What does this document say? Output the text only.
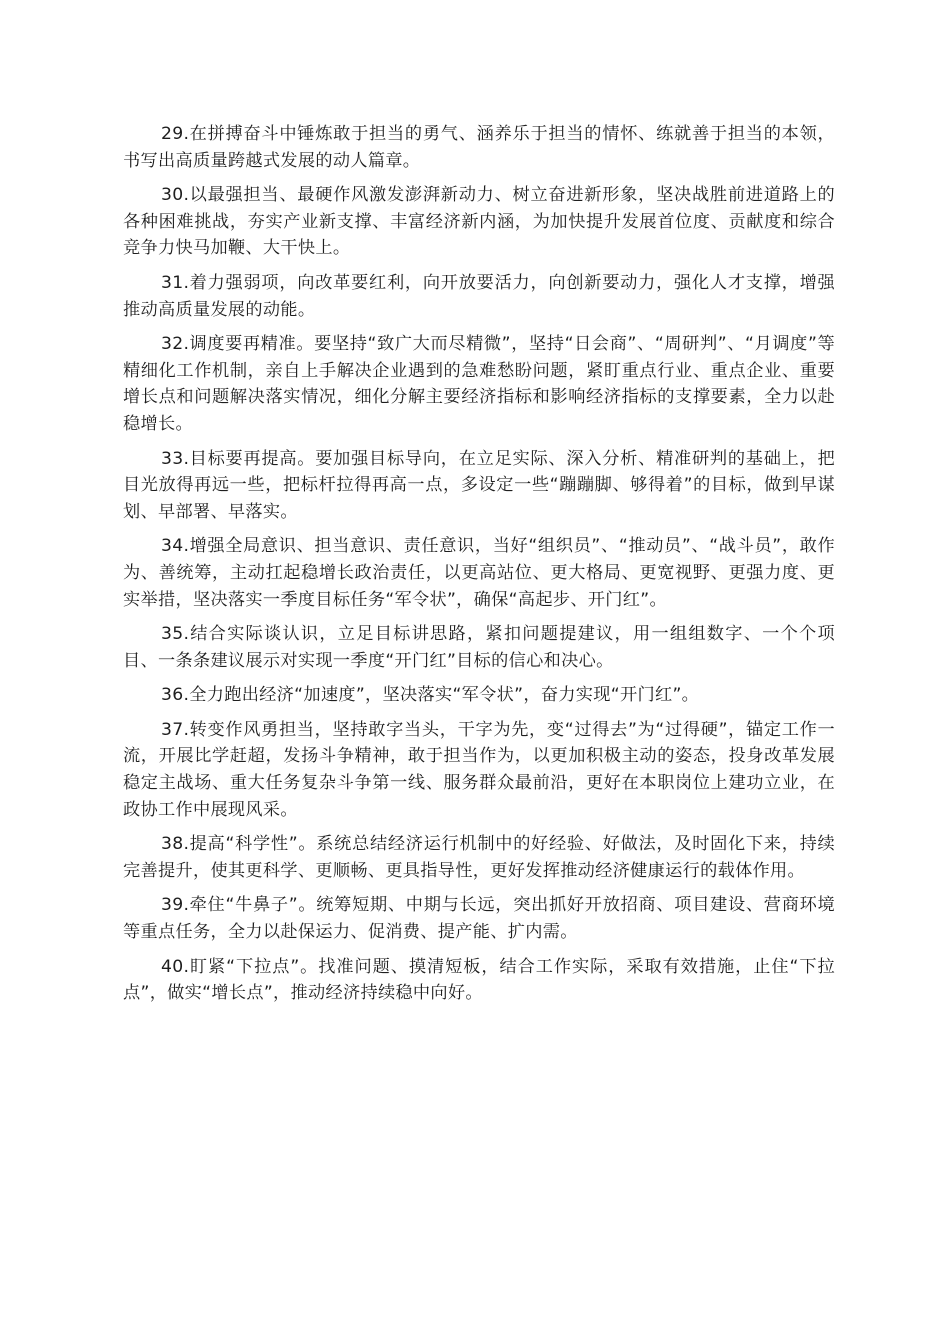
29.在拼搏奋斗中锤炼敢于担当的勇气、涵养乐于担当的情怀、练就善于担当的本领，书写出高质量跨越式发展的动人篇章。

30.以最强担当、最硬作风激发澎湃新动力、树立奋进新形象，坚决战胜前进道路上的各种困难挑战，夯实产业新支撑、丰富经济新内涵，为加快提升发展首位度、贡献度和综合竞争力快马加鞭、大干快上。

31.着力强弱项，向改革要红利，向开放要活力，向创新要动力，强化人才支撑，增强推动高质量发展的动能。

32.调度要再精准。要坚持“致广大而尽精微”，坚持“日会商”、“周研判”、“月调度”等精细化工作机制，亲自上手解决企业遇到的急难愁盼问题，紧盯重点行业、重点企业、重要增长点和问题解决落实情况，细化分解主要经济指标和影响经济指标的支撑要素，全力以赴稳增长。

33.目标要再提高。要加强目标导向，在立足实际、深入分析、精准研判的基础上，把目光放得再远一些，把标杆拉得再高一点，多设定一些“蹦蹦脚、够得着”的目标，做到早谋划、早部署、早落实。

34.增强全局意识、担当意识、责任意识，当好“组织员”、“推动员”、“战斗员”，敢作为、善统筹，主动扛起稳增长政治责任，以更高站位、更大格局、更宽视野、更强力度、更实举措，坚决落实一季度目标任务“军令状”，确保“高起步、开门红”。

35.结合实际谈认识，立足目标讲思路，紧扣问题提建议，用一组组数字、一个个项目、一条条建议展示对实现一季度“开门红”目标的信心和决心。

36.全力跑出经济“加速度”，坚决落实“军令状”，奋力实现“开门红”。

37.转变作风勇担当，坚持敢字当头，干字为先，变“过得去”为“过得硬”，锚定工作一流，开展比学赶超，发扬斗争精神，敢于担当作为，以更加积极主动的姿态，投身改革发展稳定主战场、重大任务复杂斗争第一线、服务群众最前沿，更好在本职岗位上建功立业，在政协工作中展现风采。

38.提高“科学性”。系统总结经济运行机制中的好经验、好做法，及时固化下来，持续完善提升，使其更科学、更顺畅、更具指导性，更好发挥推动经济健康运行的载体作用。

39.牵住“牛鼻子”。统筹短期、中期与长远，突出抓好开放招商、项目建设、营商环境等重点任务，全力以赴保运力、促消费、提产能、扩内需。

40.盯紧“下拉点”。找准问题、摸清短板，结合工作实际，采取有效措施，止住“下拉点”，做实“增长点”，推动经济持续稳中向好。
